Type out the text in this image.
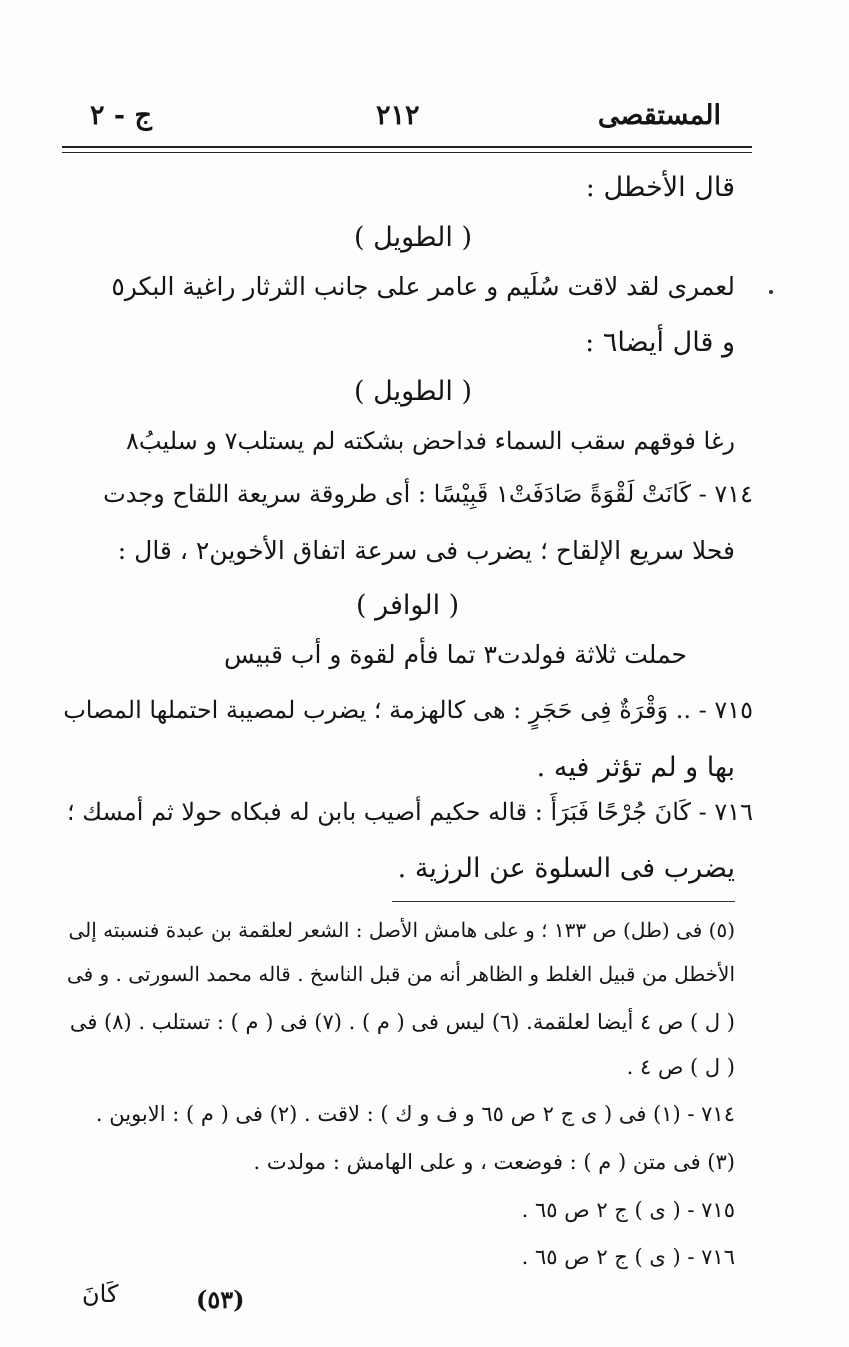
المستقصى
٢١٢
ج - ٢
قال الأخطل :
( الطويل )
لعمرى لقد لاقت سُلَيم و عامر على جانب الثرثار راغية البكر٥
و قال أيضا٦ :
( الطويل )
رغا فوقهم سقب السماء فداحض بشكته لم يستلب٧ و سليبُ٨
٧١٤ - كَانَتْ لَقْوَةً صَادَفَتْ١ قَبِيْسًا : أى طروقة سريعة اللقاح وجدت
فحلا سريع الإلقاح ؛ يضرب فى سرعة اتفاق الأخوين٢ ، قال :
( الوافر )
حملت ثلاثة فولدت٣ تما فأم لقوة و أب قبيس
٧١٥ - .. وَقْرَةٌ فِى حَجَرٍ : هى كالهزمة ؛ يضرب لمصيبة احتملها المصاب
بها و لم تؤثر فيه .
٧١٦ - كَانَ جُرْحًا فَبَرَأَ : قاله حكيم أصيب بابن له فبكاه حولا ثم أمسك ؛
يضرب فى السلوة عن الرزية .
(٥) فى (طل) ص ١٣٣ ؛ و على هامش الأصل : الشعر لعلقمة بن عبدة فنسبته إلى
الأخطل من قبيل الغلط و الظاهر أنه من قبل الناسخ . قاله محمد السورتى . و فى
( ل ) ص ٤ أيضا لعلقمة. (٦) ليس فى ( م ) . (٧) فى ( م ) : تستلب . (٨) فى
( ل ) ص ٤ .
٧١٤ - (١) فى ( ى ج ٢ ص ٦٥ و ف و ك ) : لاقت . (٢) فى ( م ) : الابوين .
(٣) فى متن ( م ) : فوضعت ، و على الهامش : مولدت .
٧١٥ - ( ى ) ج ٢ ص ٦٥ .
٧١٦ - ( ى ) ج ٢ ص ٦٥ .
(٥٣)
كَانَ
